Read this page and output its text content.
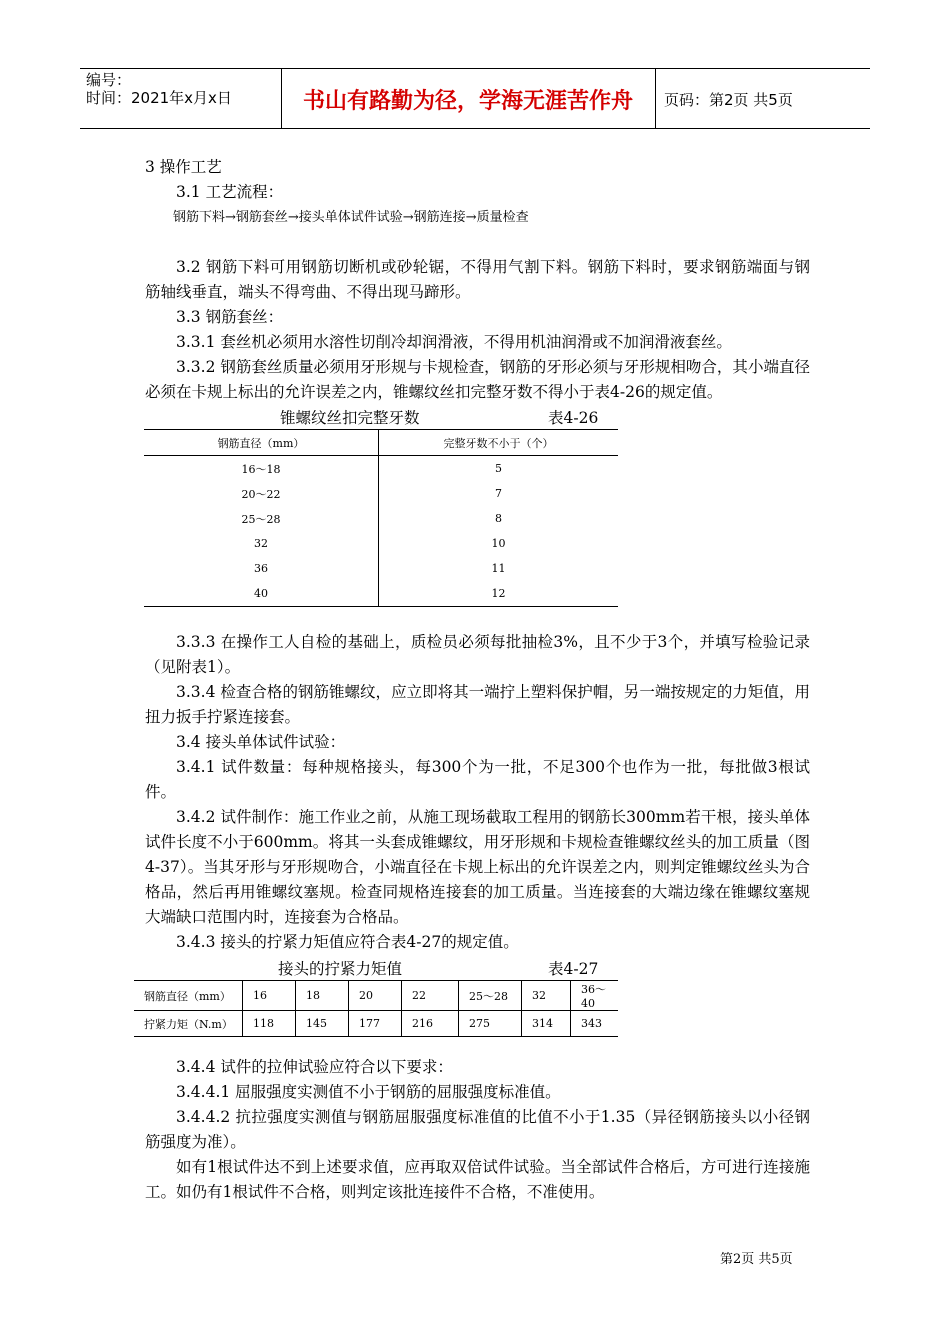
编号：
时间：2021年x月x日	书山有路勤为径，学海无涯苦作舟	页码：第2页 共5页
3 操作工艺
3.1 工艺流程：
钢筋下料→钢筋套丝→接头单体试件试验→钢筋连接→质量检查
3.2 钢筋下料可用钢筋切断机或砂轮锯，不得用气割下料。钢筋下料时，要求钢筋端面与钢筋轴线垂直，端头不得弯曲、不得出现马蹄形。
3.3 钢筋套丝：
3.3.1 套丝机必须用水溶性切削冷却润滑液，不得用机油润滑或不加润滑液套丝。
3.3.2 钢筋套丝质量必须用牙形规与卡规检查，钢筋的牙形必须与牙形规相吻合，其小端直径必须在卡规上标出的允许误差之内，锥螺纹丝扣完整牙数不得小于表4-26的规定值。
锥螺纹丝扣完整牙数	表4-26
钢筋直径（mm）	完整牙数不小于（个）
16～18	5
20～22	7
25～28	8
32	10
36	11
40	12
3.3.3 在操作工人自检的基础上，质检员必须每批抽检3%，且不少于3个，并填写检验记录（见附表1）。
3.3.4 检查合格的钢筋锥螺纹，应立即将其一端拧上塑料保护帽，另一端按规定的力矩值，用扭力扳手拧紧连接套。
3.4 接头单体试件试验：
3.4.1 试件数量：每种规格接头，每300个为一批，不足300个也作为一批，每批做3根试件。
3.4.2 试件制作：施工作业之前，从施工现场截取工程用的钢筋长300mm若干根，接头单体试件长度不小于600mm。将其一头套成锥螺纹，用牙形规和卡规检查锥螺纹丝头的加工质量（图4-37）。当其牙形与牙形规吻合，小端直径在卡规上标出的允许误差之内，则判定锥螺纹丝头为合格品，然后再用锥螺纹塞规。检查同规格连接套的加工质量。当连接套的大端边缘在锥螺纹塞规大端缺口范围内时，连接套为合格品。
3.4.3 接头的拧紧力矩值应符合表4-27的规定值。
接头的拧紧力矩值	表4-27
钢筋直径（mm）	16	18	20	22	25～28	32	36～40
拧紧力矩（N.m）	118	145	177	216	275	314	343
3.4.4 试件的拉伸试验应符合以下要求：
3.4.4.1 屈服强度实测值不小于钢筋的屈服强度标准值。
3.4.4.2 抗拉强度实测值与钢筋屈服强度标准值的比值不小于1.35（异径钢筋接头以小径钢筋强度为准）。
如有1根试件达不到上述要求值，应再取双倍试件试验。当全部试件合格后，方可进行连接施工。如仍有1根试件不合格，则判定该批连接件不合格，不准使用。
第2页 共5页
